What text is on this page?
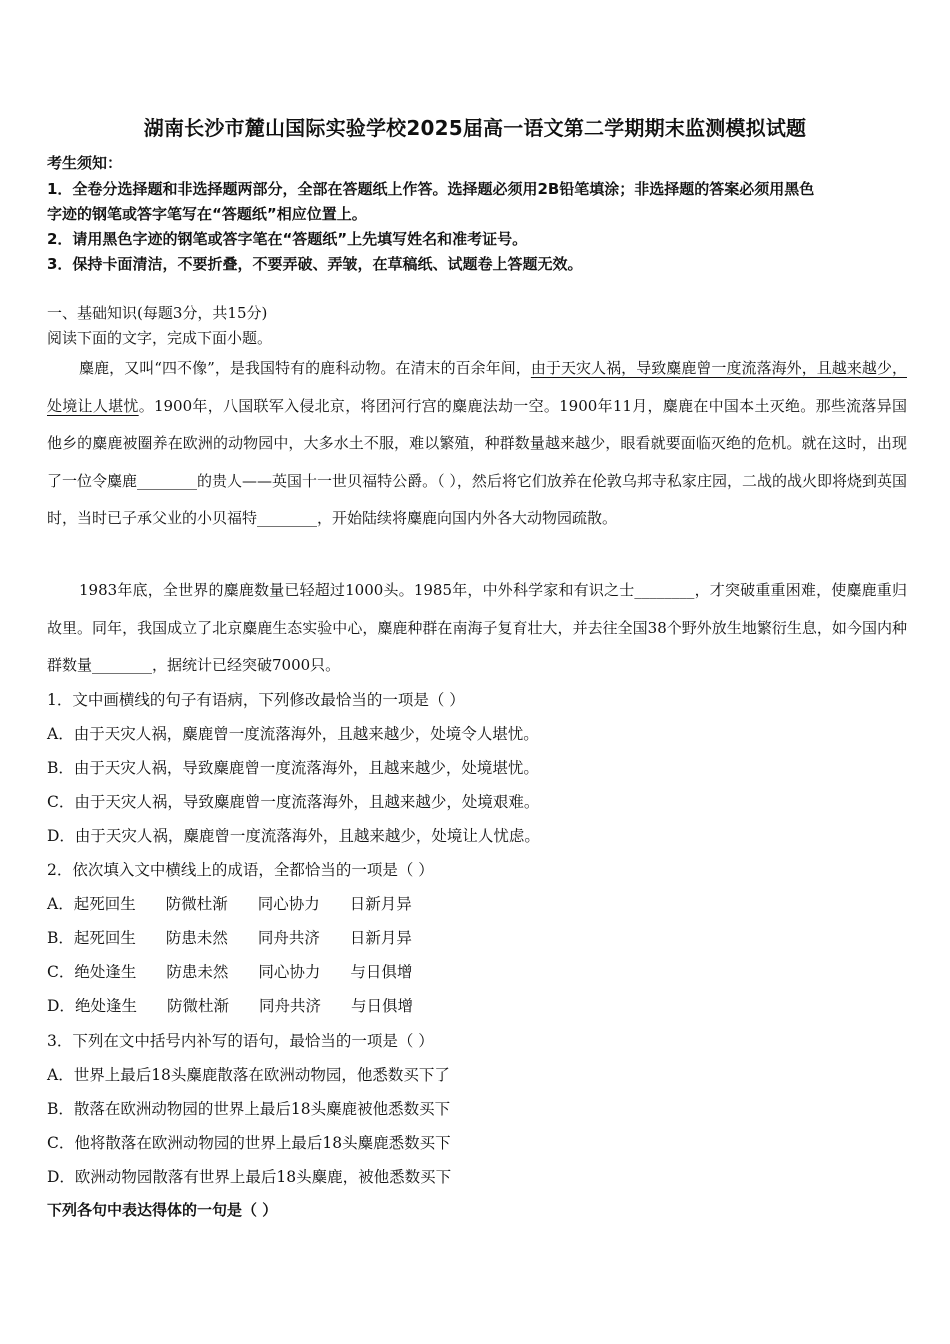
湖南长沙市麓山国际实验学校2025届高一语文第二学期期末监测模拟试题
考生须知：
1．全卷分选择题和非选择题两部分，全部在答题纸上作答。选择题必须用2B铅笔填涂；非选择题的答案必须用黑色
字迹的钢笔或答字笔写在“答题纸”相应位置上。
2．请用黑色字迹的钢笔或答字笔在“答题纸”上先填写姓名和准考证号。
3．保持卡面清洁，不要折叠，不要弄破、弄皱，在草稿纸、试题卷上答题无效。
一、基础知识(每题3分，共15分)
阅读下面的文字，完成下面小题。

麋鹿，又叫“四不像”，是我国特有的鹿科动物。在清末的百余年间，由于天灾人祸，导致麋鹿曾一度流落海外，且越来越少，处境让人堪忧。1900年，八国联军入侵北京，将团河行宫的麋鹿法劫一空。1900年11月，麋鹿在中国本土灭绝。那些流落异国他乡的麋鹿被圈养在欧洲的动物园中，大多水土不服，难以繁殖，种群数量越来越少，眼看就要面临灭绝的危机。就在这时，出现了一位令麋鹿________的贵人——英国十一世贝福特公爵。（ ），然后将它们放养在伦敦乌邦寺私家庄园，二战的战火即将烧到英国时，当时已子承父业的小贝福特________，开始陆续将麋鹿向国内外各大动物园疏散。

1983年底，全世界的麋鹿数量已轻超过1000头。1985年，中外科学家和有识之士________，才突破重重困难，使麋鹿重归故里。同年，我国成立了北京麋鹿生态实验中心，麋鹿种群在南海子复育壮大，并去往全国38个野外放生地繁衍生息，如今国内种群数量________，据统计已经突破7000只。

1．文中画横线的句子有语病，下列修改最恰当的一项是（ ）
A．由于天灾人祸，麋鹿曾一度流落海外，且越来越少，处境令人堪忧。
B．由于天灾人祸，导致麋鹿曾一度流落海外，且越来越少，处境堪忧。
C．由于天灾人祸，导致麋鹿曾一度流落海外，且越来越少，处境艰难。
D．由于天灾人祸，麋鹿曾一度流落海外，且越来越少，处境让人忧虑。
2．依次填入文中横线上的成语，全都恰当的一项是（ ）
A．起死回生 防微杜渐 同心协力 日新月异
B．起死回生 防患未然 同舟共济 日新月异
C．绝处逢生 防患未然 同心协力 与日俱增
D．绝处逢生 防微杜渐 同舟共济 与日俱增
3．下列在文中括号内补写的语句，最恰当的一项是（ ）
A．世界上最后18头麋鹿散落在欧洲动物园，他悉数买下了
B．散落在欧洲动物园的世界上最后18头麋鹿被他悉数买下
C．他将散落在欧洲动物园的世界上最后18头麋鹿悉数买下
D．欧洲动物园散落有世界上最后18头麋鹿，被他悉数买下
下列各句中表达得体的一句是（ ）
